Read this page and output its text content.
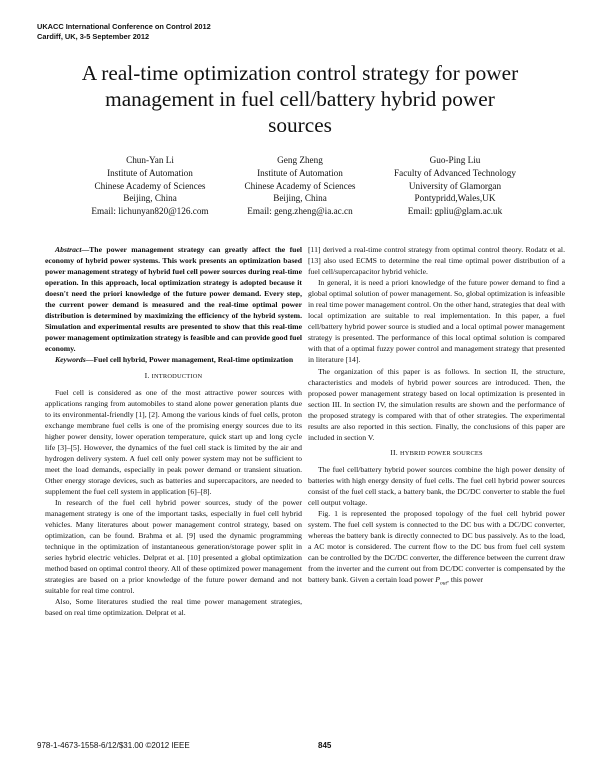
UKACC International Conference on Control 2012
Cardiff, UK, 3-5 September 2012
A real-time optimization control strategy for power
management in fuel cell/battery hybrid power
sources
Chun-Yan Li
Institute of Automation
Chinese Academy of Sciences
Beijing, China
Email: lichunyan820@126.com
Geng Zheng
Institute of Automation
Chinese Academy of Sciences
Beijing, China
Email: geng.zheng@ia.ac.cn
Guo-Ping Liu
Faculty of Advanced Technology
University of Glamorgan
Pontypridd,Wales,UK
Email: gpliu@glam.ac.uk

Abstract—The power management strategy can greatly affect the fuel economy of hybrid power systems. This work presents an optimization based power management strategy of hybrid fuel cell power sources during real-time operation. In this approach, local optimization strategy is adopted because it doesn't need the priori knowledge of the future power demand. Every step, the current power demand is measured and the real-time optimal power distribution is determined by maximizing the efficiency of the hybrid system. Simulation and experimental results are presented to show that this real-time power management optimization strategy is feasible and can provide good fuel economy.

Keywords—Fuel cell hybrid, Power management, Real-time optimization

I. INTRODUCTION

Fuel cell is considered as one of the most attractive power sources with applications ranging from automobiles to stand alone power generation plants due to its environmental-friendly [1], [2]. Among the various kinds of fuel cells, proton exchange membrane fuel cells is one of the promising energy sources due to its higher power density, lower operation temperature, quick start up and long cycle life [3]–[5]. However, the dynamics of the fuel cell stack is limited by the air and hydrogen delivery system. A fuel cell only power system may not be sufficient to meet the load demands, especially in peak power demand or transient situation. Other energy storage devices, such as batteries and supercapacitors, are needed to supplement the fuel cell system in application [6]–[8].

In research of the fuel cell hybrid power sources, study of the power management strategy is one of the important tasks, especially in fuel cell hybrid vehicles. Many literatures about power management control strategy, based on optimization, can be found. Brahma et al. [9] used the dynamic programming technique in the optimization of instantaneous generation/storage power split in series hybrid electric vehicles. Delprat et al. [10] presented a global optimization method based on optimal control theory. All of these optimized power management strategies are based on a prior knowledge of the future power demand and not suitable for real time control.

Also, Some literatures studied the real time power management strategies, based on real time optimization. Delprat et al.

[11] derived a real-time control strategy from optimal control theory. Rodatz et al. [13] also used ECMS to determine the real time optimal power distribution of a fuel cell/supercapacitor hybrid vehicle.

In general, it is need a priori knowledge of the future power demand to find a global optimal solution of power management. So, global optimization is infeasible in real time power management control. On the other hand, strategies that deal with local optimization are suitable to real implementation. In this paper, a fuel cell/battery hybrid power source is studied and a local optimal power management strategy is presented. The performance of this local optimal solution is compared with that of a optimal fuzzy power control and management strategy that presented in literature [14].

The organization of this paper is as follows. In section II, the structure, characteristics and models of hybrid power sources are introduced. Then, the proposed power management strategy based on local optimization is presented in section III. In section IV, the simulation results are shown and the performance of the proposed strategy is compared with that of other strategies. The experimental results are also reported in this section. Finally, the conclusions of this paper are included in section V.

II. HYBRID POWER SOURCES

The fuel cell/battery hybrid power sources combine the high power density of batteries with high energy density of fuel cells. The fuel cell hybrid power sources consist of the fuel cell stack, a battery bank, the DC/DC converter to stable the fuel cell output voltage.

Fig. 1 is represented the proposed topology of the fuel cell hybrid power system. The fuel cell system is connected to the DC bus with a DC/DC converter, whereas the battery bank is directly connected to DC bus passively. As to the load, a AC motor is considered. The current flow to the DC bus from fuel cell system can be controlled by the DC/DC converter, the difference between the current draw from the inverter and the current out from DC/DC converter is compensated by the battery bank. Given a certain load power $P_{out}$, this power

978-1-4673-1558-6/12/$31.00 ©2012 IEEE	845
